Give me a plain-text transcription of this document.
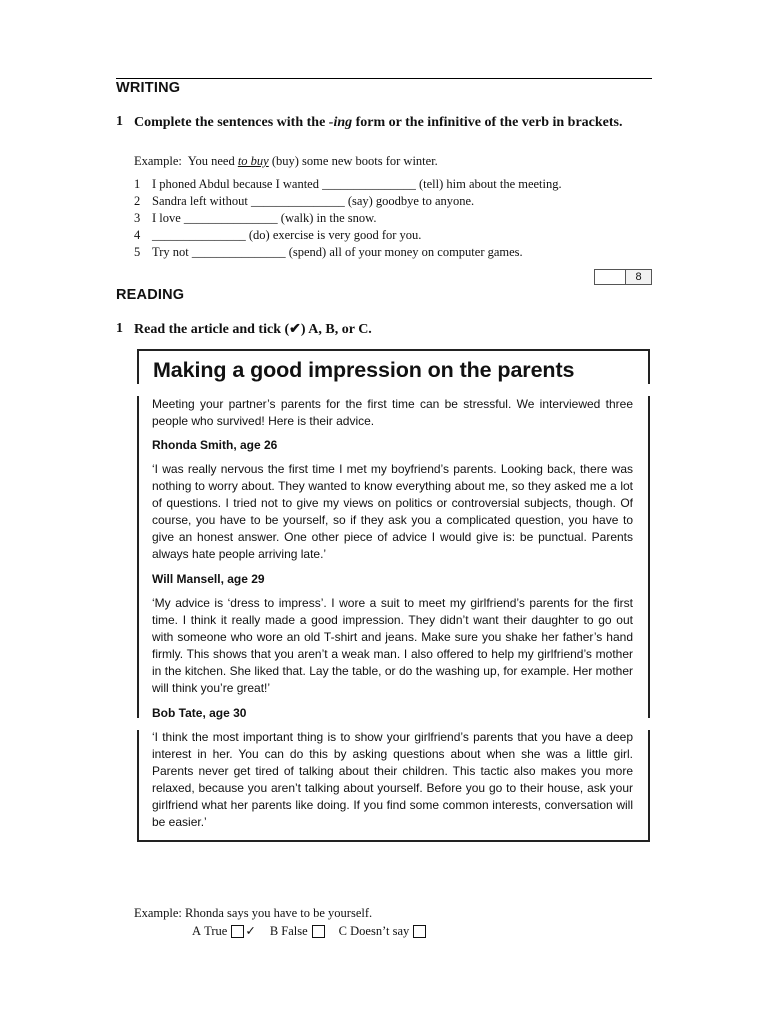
WRITING
1 Complete the sentences with the -ing form or the infinitive of the verb in brackets.
Example: You need to buy (buy) some new boots for winter.
1 I phoned Abdul because I wanted _______________ (tell) him about the meeting.
2 Sandra left without _______________ (say) goodbye to anyone.
3 I love _______________ (walk) in the snow.
4 _______________ (do) exercise is very good for you.
5 Try not _______________ (spend) all of your money on computer games.
8
READING
1 Read the article and tick (✔) A, B, or C.
Making a good impression on the parents
Meeting your partner’s parents for the first time can be stressful. We interviewed three people who survived! Here is their advice.
Rhonda Smith, age 26
‘I was really nervous the first time I met my boyfriend’s parents. Looking back, there was nothing to worry about. They wanted to know everything about me, so they asked me a lot of questions. I tried not to give my views on politics or controversial subjects, though. Of course, you have to be yourself, so if they ask you a complicated question, you have to give an honest answer. One other piece of advice I would give is: be punctual. Parents always hate people arriving late.’
Will Mansell, age 29
‘My advice is ‘dress to impress’. I wore a suit to meet my girlfriend’s parents for the first time. I think it really made a good impression. They didn’t want their daughter to go out with someone who wore an old T-shirt and jeans. Make sure you shake her father’s hand firmly. This shows that you aren’t a weak man. I also offered to help my girlfriend’s mother in the kitchen. She liked that. Lay the table, or do the washing up, for example. Her mother will think you’re great!’
Bob Tate, age 30
‘I think the most important thing is to show your girlfriend’s parents that you have a deep interest in her. You can do this by asking questions about when she was a little girl. Parents never get tired of talking about their children. This tactic also makes you more relaxed, because you aren’t talking about yourself. Before you go to their house, ask your girlfriend what her parents like doing. If you find some common interests, conversation will be easier.’
Example: Rhonda says you have to be yourself.
A
True ✓ B
False C
Doesn’t say
